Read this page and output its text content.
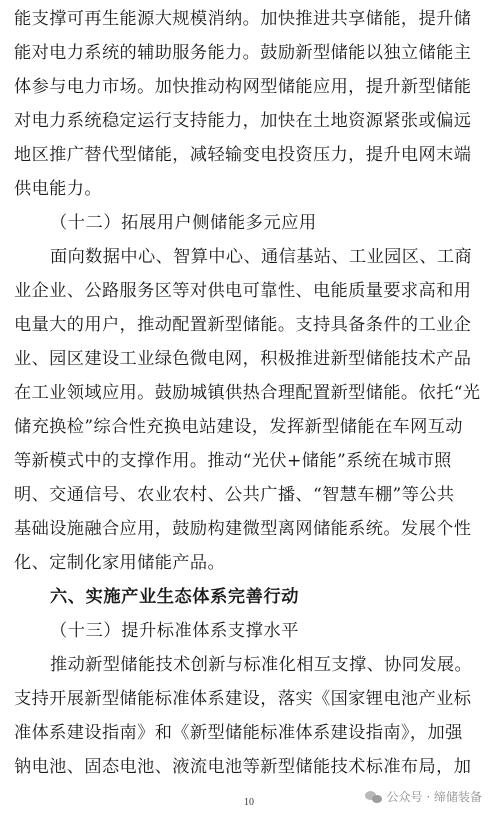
能支撑可再生能源大规模消纳。加快推进共享储能，提升储
能对电力系统的辅助服务能力。鼓励新型储能以独立储能主
体参与电力市场。加快推动构网型储能应用，提升新型储能
对电力系统稳定运行支持能力，加快在土地资源紧张或偏远
地区推广替代型储能，减轻输变电投资压力，提升电网末端
供电能力。
（十二）拓展用户侧储能多元应用
面向数据中心、智算中心、通信基站、工业园区、工商
业企业、公路服务区等对供电可靠性、电能质量要求高和用
电量大的用户，推动配置新型储能。支持具备条件的工业企
业、园区建设工业绿色微电网，积极推进新型储能技术产品
在工业领域应用。鼓励城镇供热合理配置新型储能。依托“光
储充换检”综合性充换电站建设，发挥新型储能在车网互动
等新模式中的支撑作用。推动“光伏+储能”系统在城市照
明、交通信号、农业农村、公共广播、“智慧车棚”等公共
基础设施融合应用，鼓励构建微型离网储能系统。发展个性
化、定制化家用储能产品。
六、实施产业生态体系完善行动
（十三）提升标准体系支撑水平
推动新型储能技术创新与标准化相互支撑、协同发展。
支持开展新型储能标准体系建设，落实《国家锂电池产业标
准体系建设指南》和《新型储能标准体系建设指南》，加强
钠电池、固态电池、液流电池等新型储能技术标准布局，加
10	公众号 · 缔储装备
